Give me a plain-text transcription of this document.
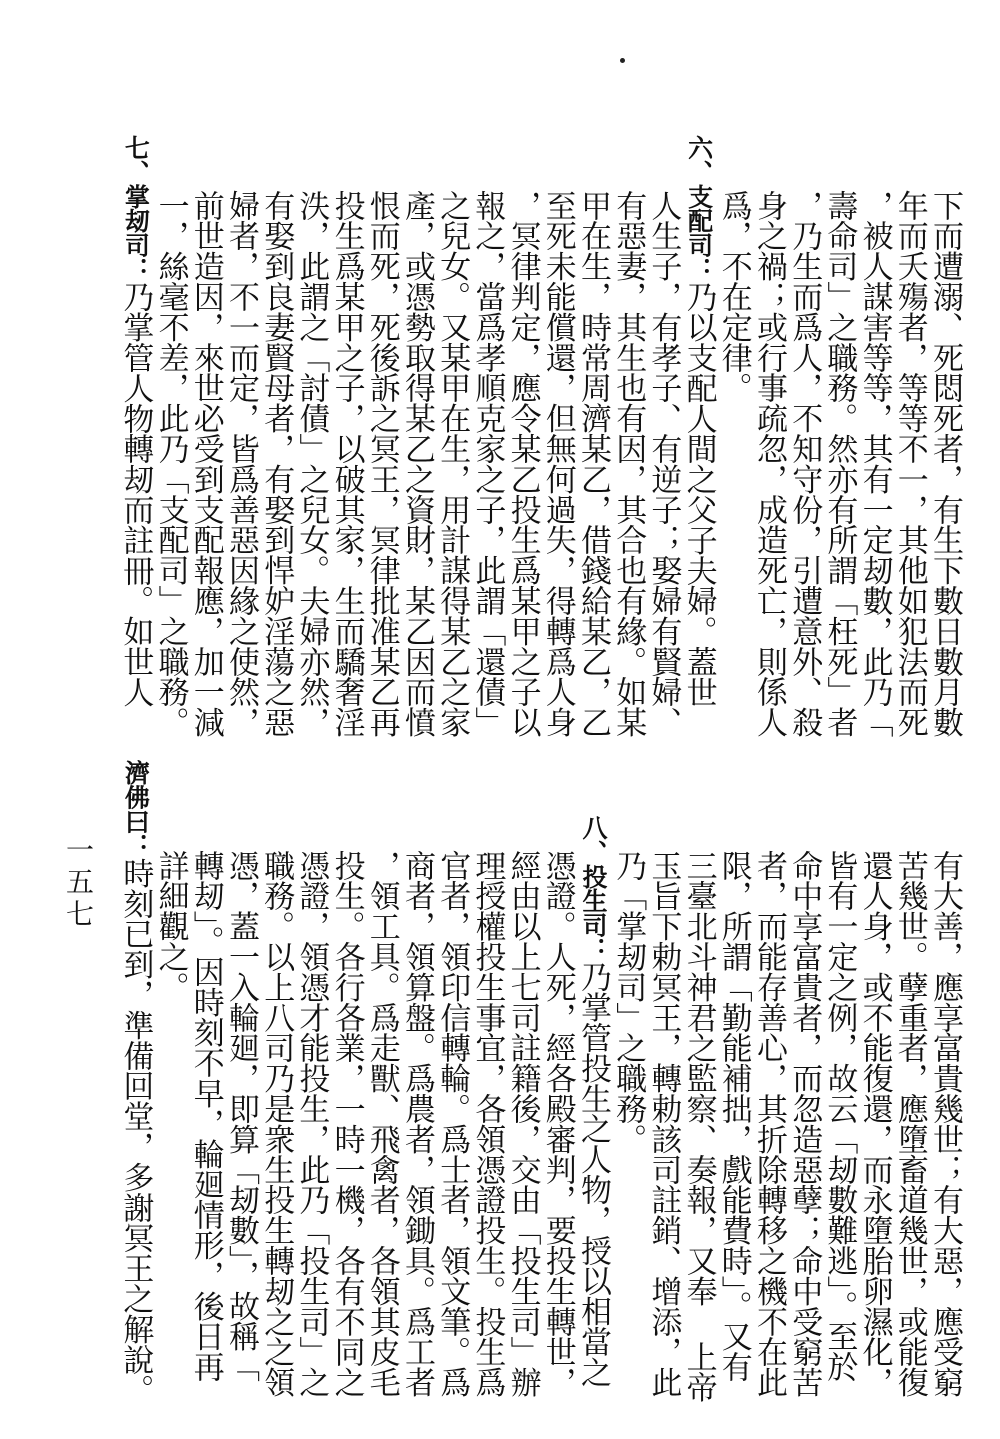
下而遭溺、死悶死者，有生下數日數月數
年而夭殤者，等等不一，其他如犯法而死
，被人謀害等等，其有一定刼數，此乃「
壽命司」之職務。然亦有所謂「枉死」者
，乃生而爲人，不知守份，引遭意外、殺
身之禍；或行事疏忽，成造死亡，則係人
爲，不在定律。
六、支配司：乃以支配人間之父子夫婦。蓋世
人生子，有孝子、有逆子；娶婦有賢婦、
有惡妻，其生也有因，其合也有緣。如某
甲在生，時常周濟某乙，借錢給某乙，乙
至死未能償還，但無何過失，得轉爲人身
，冥律判定，應令某乙投生爲某甲之子以
報之，當爲孝順克家之子，此謂「還債」
之兒女。又某甲在生，用計謀得某乙之家
產，或憑勢取得某乙之資財，某乙因而憤
恨而死，死後訴之冥王，冥律批准某乙再
投生爲某甲之子，以破其家，生而驕奢淫
泆，此謂之「討債」之兒女。夫婦亦然，
有娶到良妻賢母者，有娶到悍妒淫蕩之惡
婦者，不一而定，皆爲善惡因緣之使然，
前世造因，來世必受到支配報應，加一減
一，絲毫不差，此乃「支配司」之職務。
七、掌刼司：乃掌管人物轉刼而註冊。如世人
有大善，應享富貴幾世；有大惡，應受窮
苦幾世。孽重者，應墮畜道幾世，或能復
還人身，或不能復還，而永墮胎卵濕化，
皆有一定之例，故云「刼數難逃」。至於
命中享富貴者，而忽造惡孽；命中受窮苦
者，而能存善心，其折除轉移之機不在此
限，所謂「勤能補拙，戲能費時」。又有
三臺北斗神君之監察、奏報，又奉 上帝
玉旨下勅冥王，轉勅該司註銷、增添，此
乃「掌刼司」之職務。
八、投生司：乃掌管投生之人物，授以相當之
憑證。人死，經各殿審判，要投生轉世，
經由以上七司註籍後，交由「投生司」辦
理授權投生事宜，各領憑證投生。投生爲
官者，領印信轉輪。爲士者，領文筆。爲
商者，領算盤。爲農者，領鋤具。爲工者
，領工具。爲走獸、飛禽者，各領其皮毛
投生。各行各業，一時一機，各有不同之
憑證，領憑才能投生，此乃「投生司」之
職務。以上八司乃是衆生投生轉刼之之領
憑，蓋一入輪廻，即算「刼數」，故稱「
轉刼」。因時刻不早，輪廻情形，後日再
詳細觀之。
濟佛曰：時刻已到，準備回堂，多謝冥王之解說。
一五七
